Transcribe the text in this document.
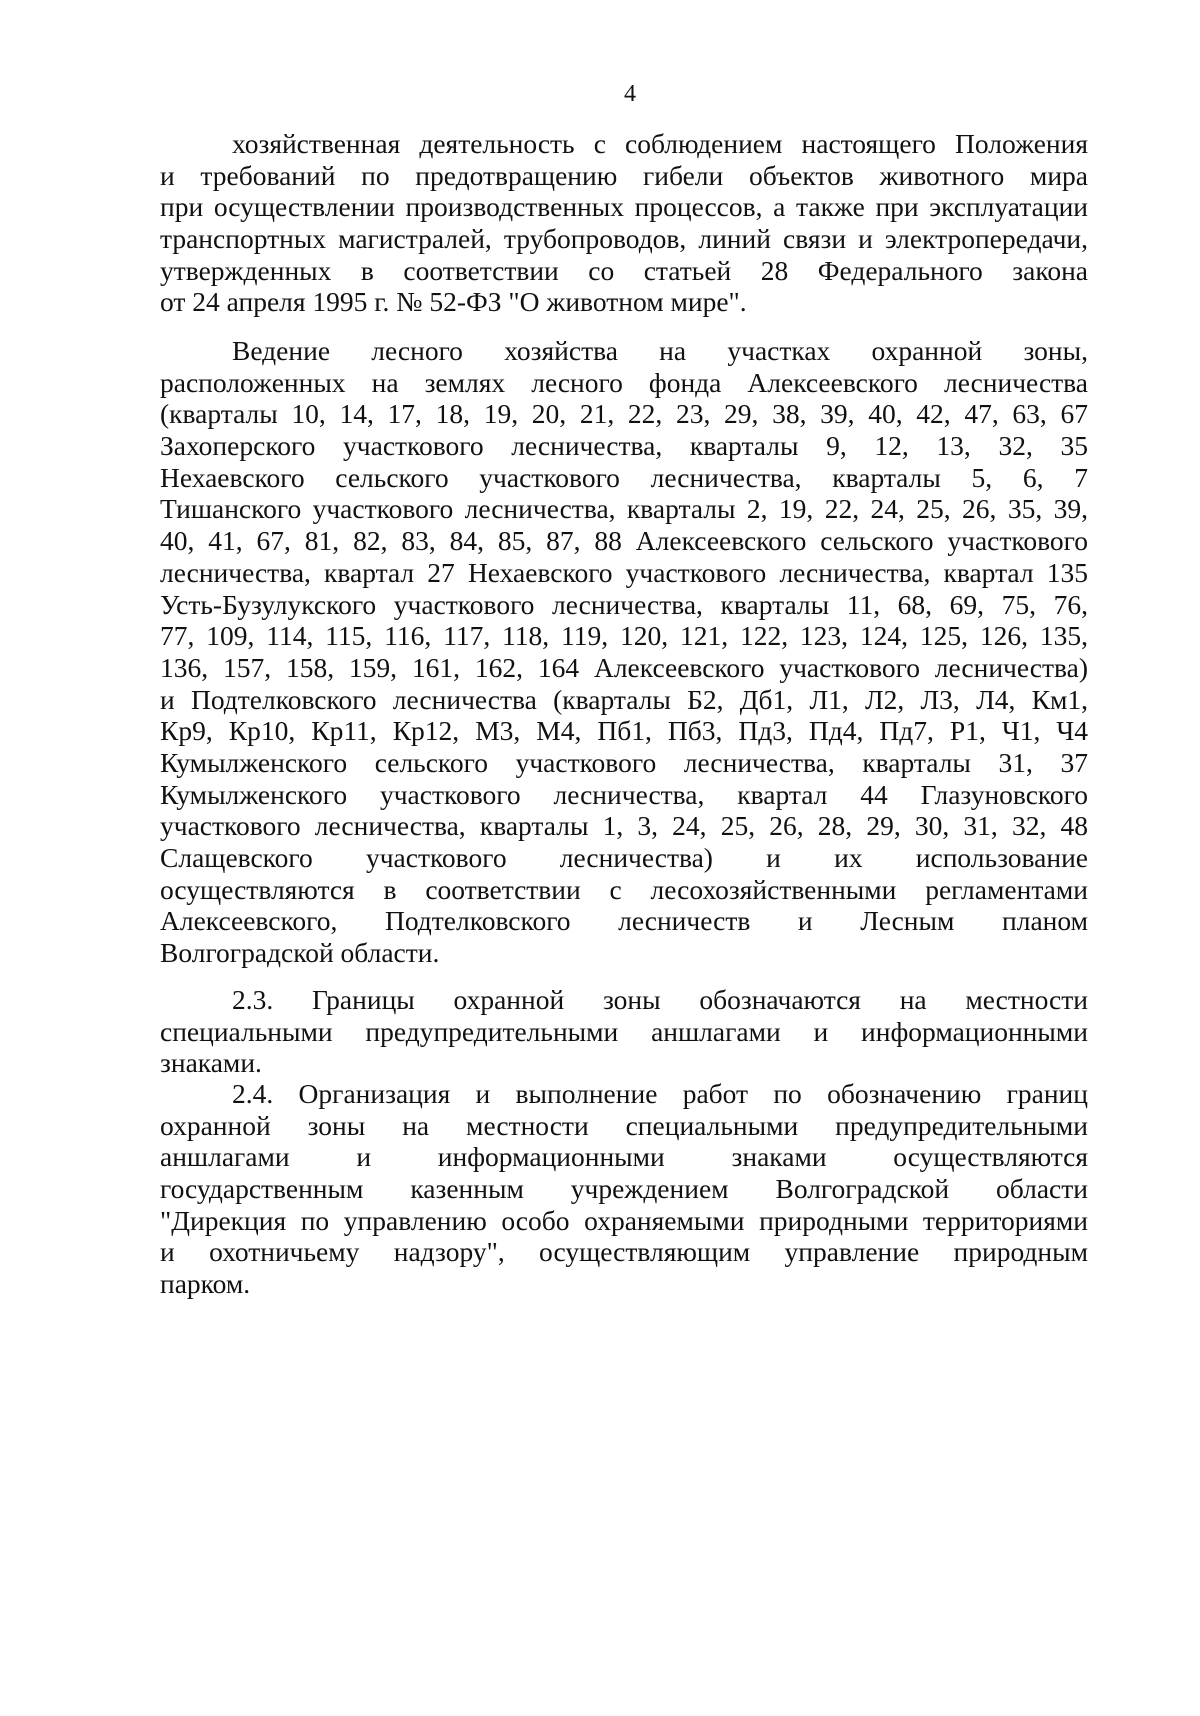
4
хозяйственная деятельность с соблюдением настоящего Положения
и требований по предотвращению гибели объектов животного мира
при осуществлении производственных процессов, а также при эксплуатации
транспортных магистралей, трубопроводов, линий связи и электропередачи,
утвержденных в соответствии со статьей 28 Федерального закона
от 24 апреля 1995 г. № 52-ФЗ "О животном мире".
Ведение лесного хозяйства на участках охранной зоны,
расположенных на землях лесного фонда Алексеевского лесничества
(кварталы 10, 14, 17, 18, 19, 20, 21, 22, 23, 29, 38, 39, 40, 42, 47, 63, 67
Захоперского участкового лесничества, кварталы 9, 12, 13, 32, 35
Нехаевского сельского участкового лесничества, кварталы 5, 6, 7
Тишанского участкового лесничества, кварталы 2, 19, 22, 24, 25, 26, 35, 39,
40, 41, 67, 81, 82, 83, 84, 85, 87, 88 Алексеевского сельского участкового
лесничества, квартал 27 Нехаевского участкового лесничества, квартал 135
Усть-Бузулукского участкового лесничества, кварталы 11, 68, 69, 75, 76,
77, 109, 114, 115, 116, 117, 118, 119, 120, 121, 122, 123, 124, 125, 126, 135,
136, 157, 158, 159, 161, 162, 164 Алексеевского участкового лесничества)
и Подтелковского лесничества (кварталы Б2, Дб1, Л1, Л2, Л3, Л4, Км1,
Кр9, Кр10, Кр11, Кр12, М3, М4, Пб1, Пб3, Пд3, Пд4, Пд7, Р1, Ч1, Ч4
Кумылженского сельского участкового лесничества, кварталы 31, 37
Кумылженского участкового лесничества, квартал 44 Глазуновского
участкового лесничества, кварталы 1, 3, 24, 25, 26, 28, 29, 30, 31, 32, 48
Слащевского участкового лесничества) и их использование
осуществляются в соответствии с лесохозяйственными регламентами
Алексеевского, Подтелковского лесничеств и Лесным планом
Волгоградской области.
2.3. Границы охранной зоны обозначаются на местности
специальными предупредительными аншлагами и информационными
знаками.
2.4. Организация и выполнение работ по обозначению границ
охранной зоны на местности специальными предупредительными
аншлагами и информационными знаками осуществляются
государственным казенным учреждением Волгоградской области
"Дирекция по управлению особо охраняемыми природными территориями
и охотничьему надзору", осуществляющим управление природным
парком.
